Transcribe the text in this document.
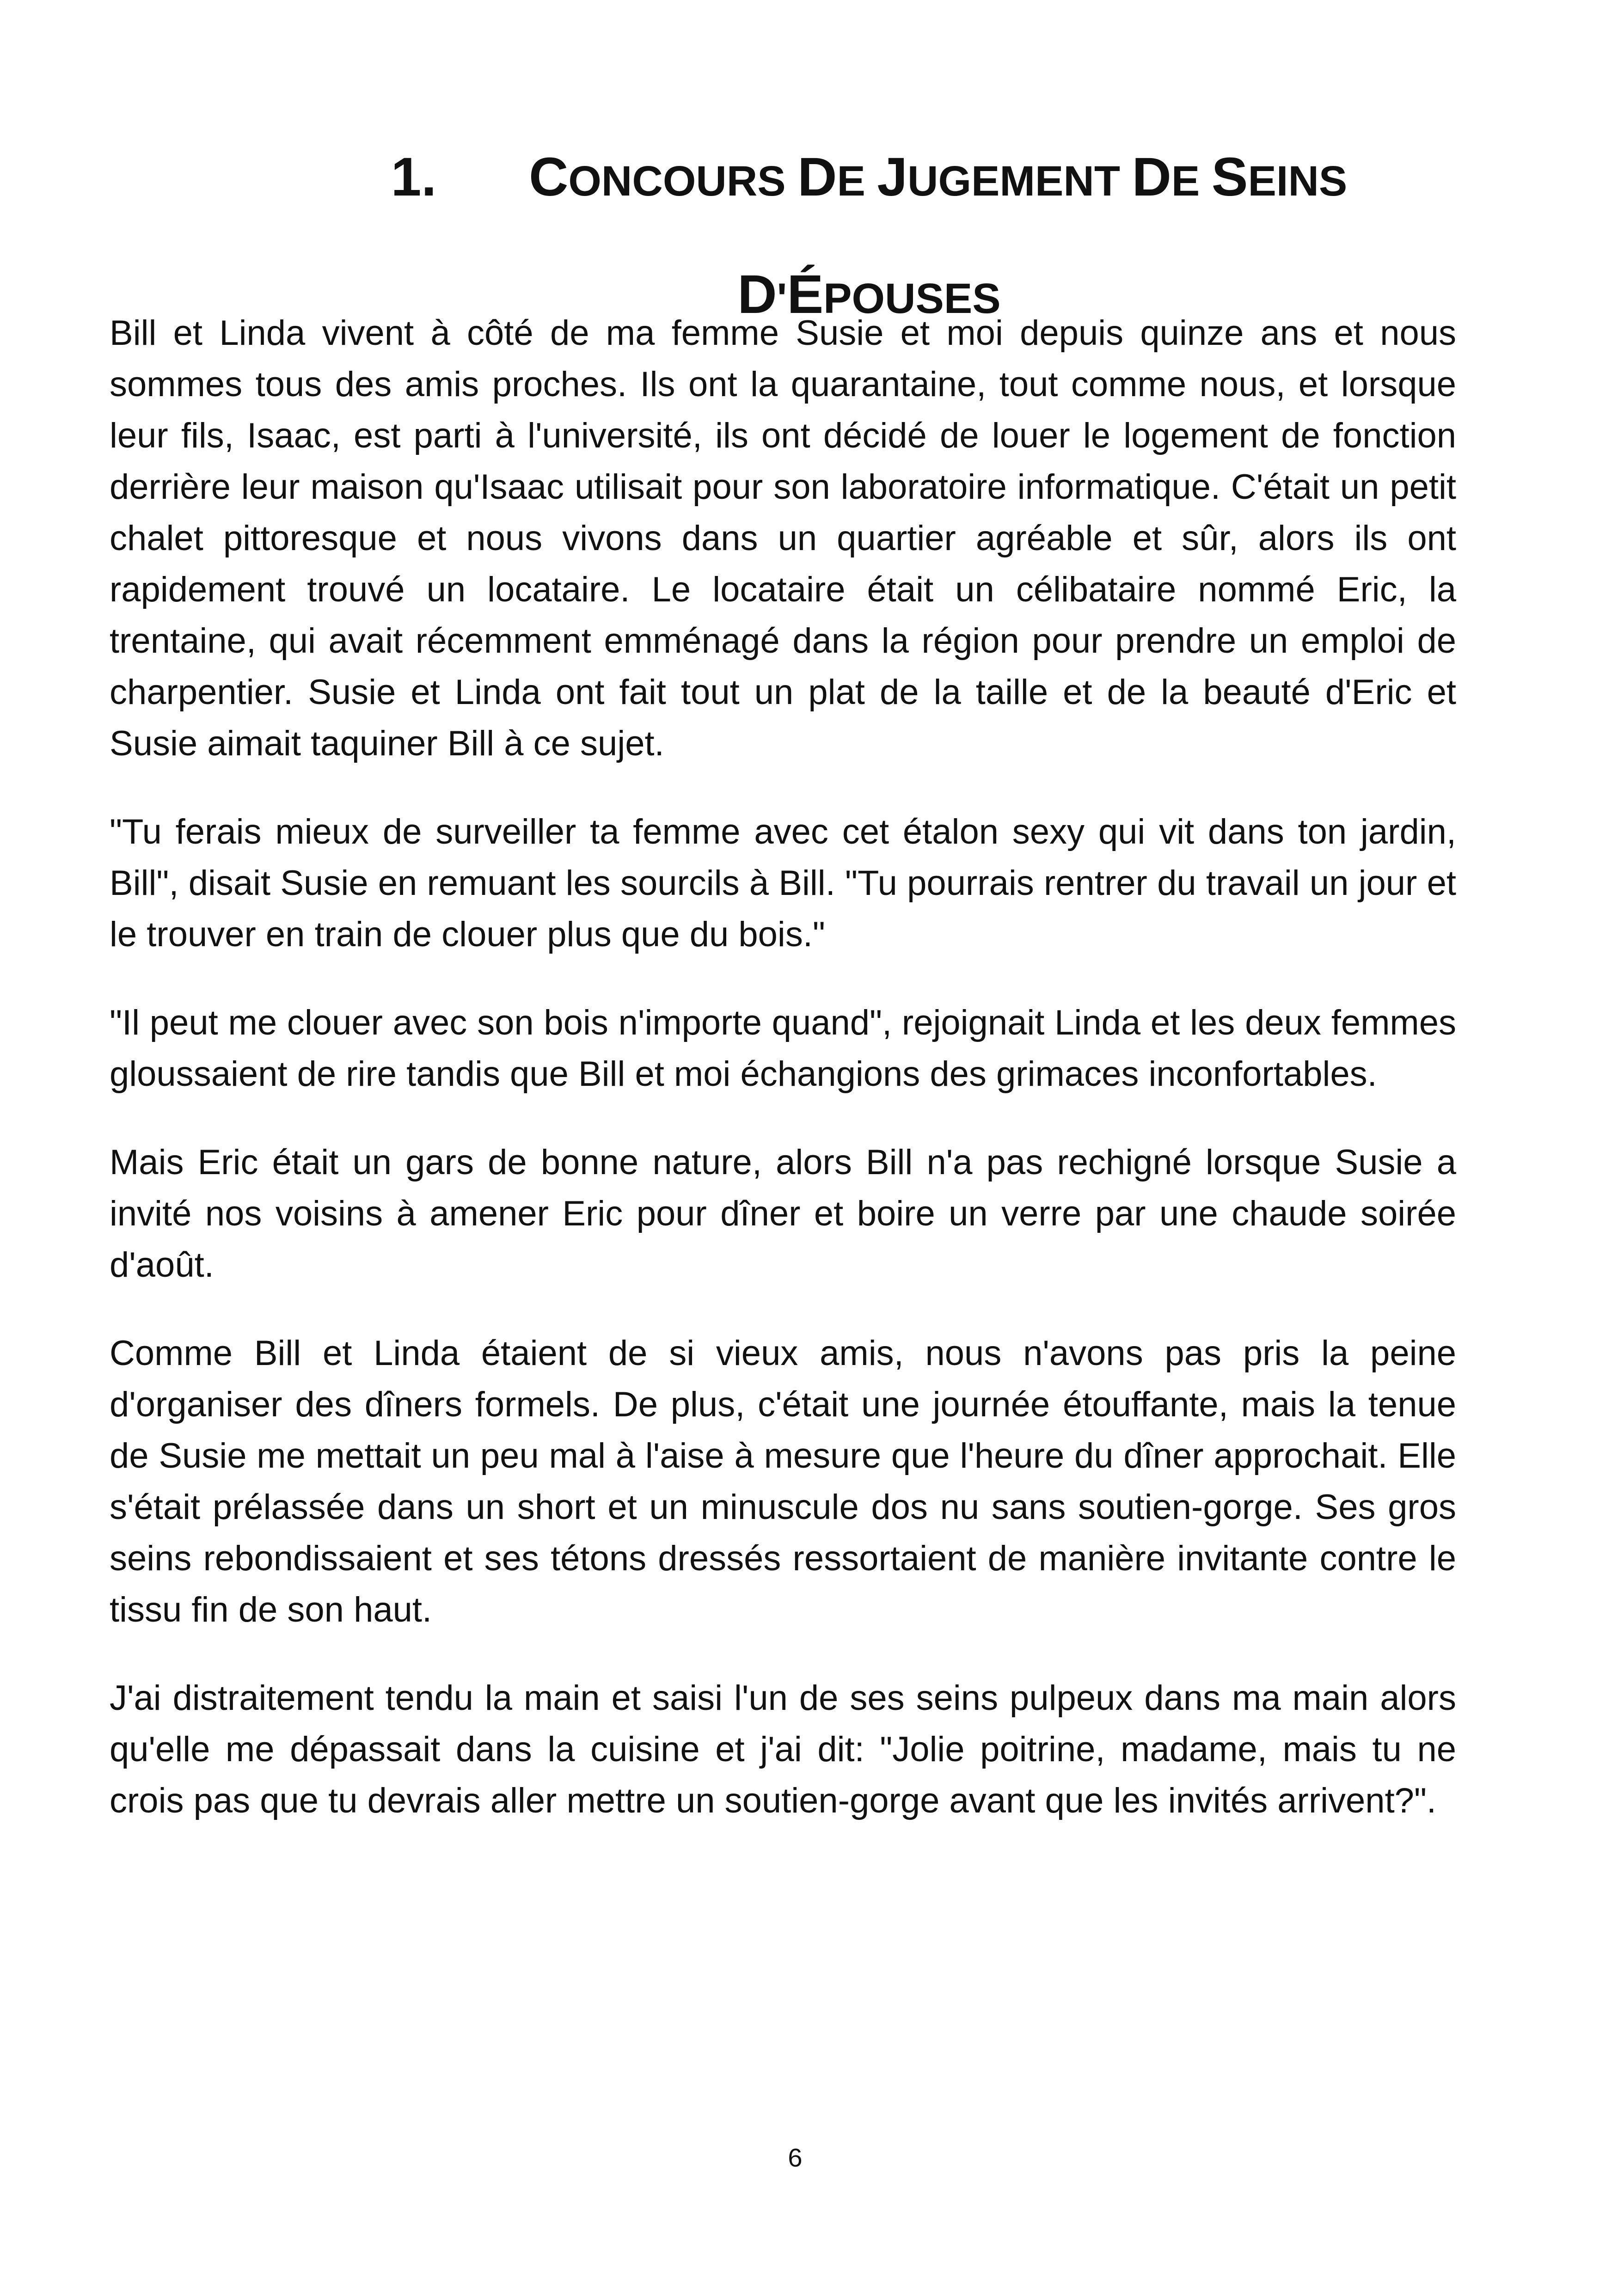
1. CONCOURS DE JUGEMENT DE SEINS
D'ÉPOUSES

Bill et Linda vivent à côté de ma femme Susie et moi depuis quinze ans et nous sommes tous des amis proches. Ils ont la quarantaine, tout comme nous, et lorsque leur fils, Isaac, est parti à l'université, ils ont décidé de louer le logement de fonction derrière leur maison qu'Isaac utilisait pour son laboratoire informatique. C'était un petit chalet pittoresque et nous vivons dans un quartier agréable et sûr, alors ils ont rapidement trouvé un locataire. Le locataire était un célibataire nommé Eric, la trentaine, qui avait récemment emménagé dans la région pour prendre un emploi de charpentier. Susie et Linda ont fait tout un plat de la taille et de la beauté d'Eric et Susie aimait taquiner Bill à ce sujet.

"Tu ferais mieux de surveiller ta femme avec cet étalon sexy qui vit dans ton jardin, Bill", disait Susie en remuant les sourcils à Bill. "Tu pourrais rentrer du travail un jour et le trouver en train de clouer plus que du bois."

"Il peut me clouer avec son bois n'importe quand", rejoignait Linda et les deux femmes gloussaient de rire tandis que Bill et moi échangions des grimaces inconfortables.

Mais Eric était un gars de bonne nature, alors Bill n'a pas rechigné lorsque Susie a invité nos voisins à amener Eric pour dîner et boire un verre par une chaude soirée d'août.

Comme Bill et Linda étaient de si vieux amis, nous n'avons pas pris la peine d'organiser des dîners formels. De plus, c'était une journée étouffante, mais la tenue de Susie me mettait un peu mal à l'aise à mesure que l'heure du dîner approchait. Elle s'était prélassée dans un short et un minuscule dos nu sans soutien-gorge. Ses gros seins rebondissaient et ses tétons dressés ressortaient de manière invitante contre le tissu fin de son haut.

J'ai distraitement tendu la main et saisi l'un de ses seins pulpeux dans ma main alors qu'elle me dépassait dans la cuisine et j'ai dit: "Jolie poitrine, madame, mais tu ne crois pas que tu devrais aller mettre un soutien-gorge avant que les invités arrivent?".

6
